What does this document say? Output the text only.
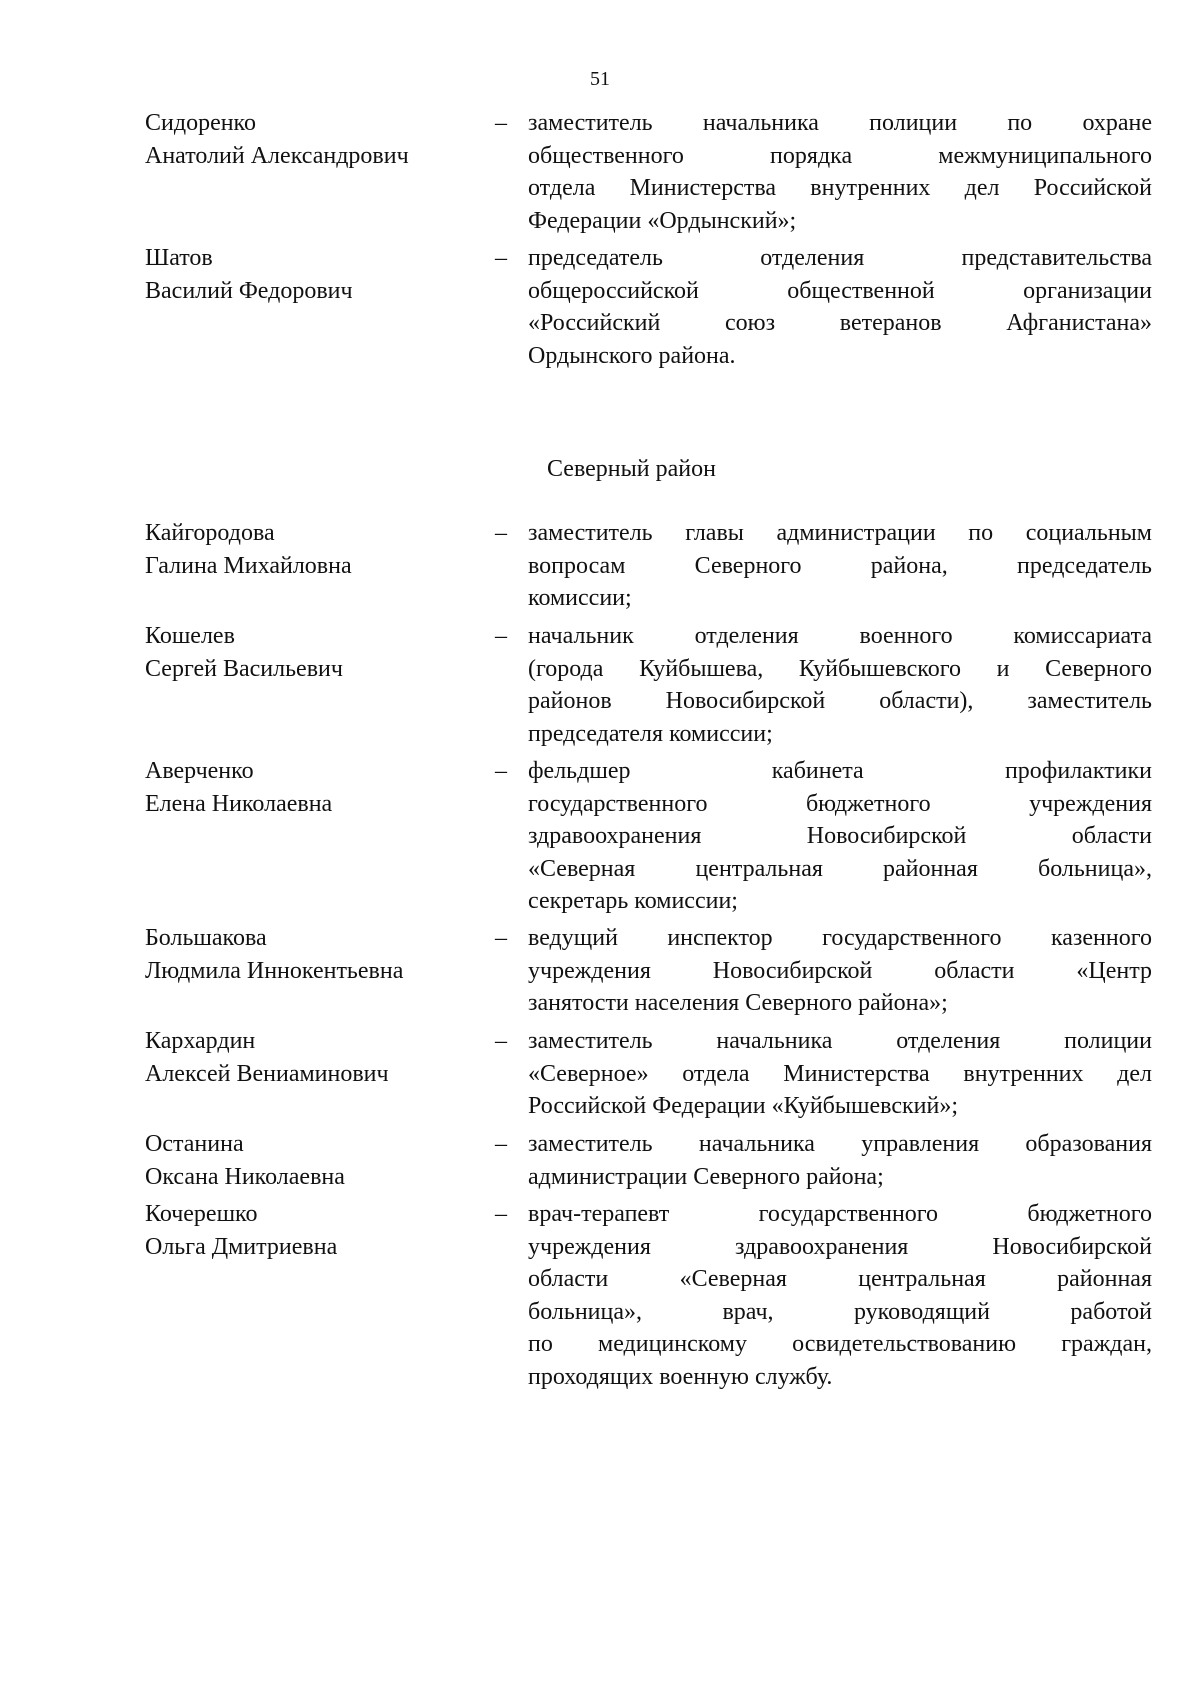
51
Сидоренко
Анатолий Александрович
– заместитель начальника полиции по охране
общественного порядка межмуниципального
отдела Министерства внутренних дел Российской
Федерации «Ордынский»;
Шатов
Василий Федорович
– председатель отделения представительства
общероссийской общественной организации
«Российский союз ветеранов Афганистана»
Ордынского района.
Северный район
Кайгородова
Галина Михайловна
– заместитель главы администрации по социальным
вопросам Северного района, председатель
комиссии;
Кошелев
Сергей Васильевич
– начальник отделения военного комиссариата
(города Куйбышева, Куйбышевского и Северного
районов Новосибирской области), заместитель
председателя комиссии;
Аверченко
Елена Николаевна
– фельдшер кабинета профилактики
государственного бюджетного учреждения
здравоохранения Новосибирской области
«Северная центральная районная больница»,
секретарь комиссии;
Большакова
Людмила Иннокентьевна
– ведущий инспектор государственного казенного
учреждения Новосибирской области «Центр
занятости населения Северного района»;
Кархардин
Алексей Вениаминович
– заместитель начальника отделения полиции
«Северное» отдела Министерства внутренних дел
Российской Федерации «Куйбышевский»;
Останина
Оксана Николаевна
– заместитель начальника управления образования
администрации Северного района;
Кочерешко
Ольга Дмитриевна
– врач-терапевт государственного бюджетного
учреждения здравоохранения Новосибирской
области «Северная центральная районная
больница», врач, руководящий работой
по медицинскому освидетельствованию граждан,
проходящих военную службу.
